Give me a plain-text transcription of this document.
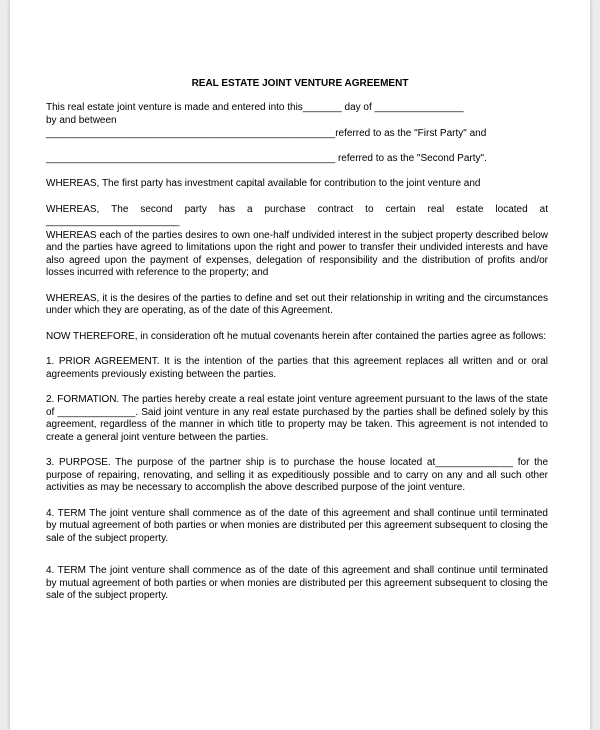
REAL ESTATE JOINT VENTURE AGREEMENT

This real estate joint venture is made and entered into this_______ day of ________________

by and between

____________________________________________________referred to as the "First Party" and

____________________________________________________ referred to as the "Second Party".

WHEREAS, The first party has investment capital available for contribution to the joint venture and

WHEREAS, The second party has a purchase contract to certain real estate located at

________________________

WHEREAS each of the parties desires to own one-half undivided interest in the subject property described below and the parties have agreed to limitations upon the right and power to transfer their undivided interests and have also agreed upon the payment of expenses, delegation of responsibility and the distribution of profits and/or losses incurred with reference to the property; and

WHEREAS, it is the desires of the parties to define and set out their relationship in writing and the circumstances under which they are operating, as of the date of this Agreement.

NOW THEREFORE, in consideration oft he mutual covenants herein after contained the parties agree as follows:

1. PRIOR AGREEMENT. It is the intention of the parties that this agreement replaces all written and or oral agreements previously existing between the parties.

2. FORMATION. The parties hereby create a real estate joint venture agreement pursuant to the laws of the state of ______________. Said joint venture in any real estate purchased by the parties shall be defined solely by this agreement, regardless of the manner in which title to property may be taken. This agreement is not intended to create a general joint venture between the parties.

3. PURPOSE. The purpose of the partner ship is to purchase the house located at______________ for the purpose of repairing, renovating, and selling it as expeditiously possible and to carry on any and all such other activities as may be necessary to accomplish the above described purpose of the joint venture.

4. TERM The joint venture shall commence as of the date of this agreement and shall continue until terminated by mutual agreement of both parties or when monies are distributed per this agreement subsequent to closing the sale of the subject property.

4. TERM The joint venture shall commence as of the date of this agreement and shall continue until terminated by mutual agreement of both parties or when monies are distributed per this agreement subsequent to closing the sale of the subject property.
